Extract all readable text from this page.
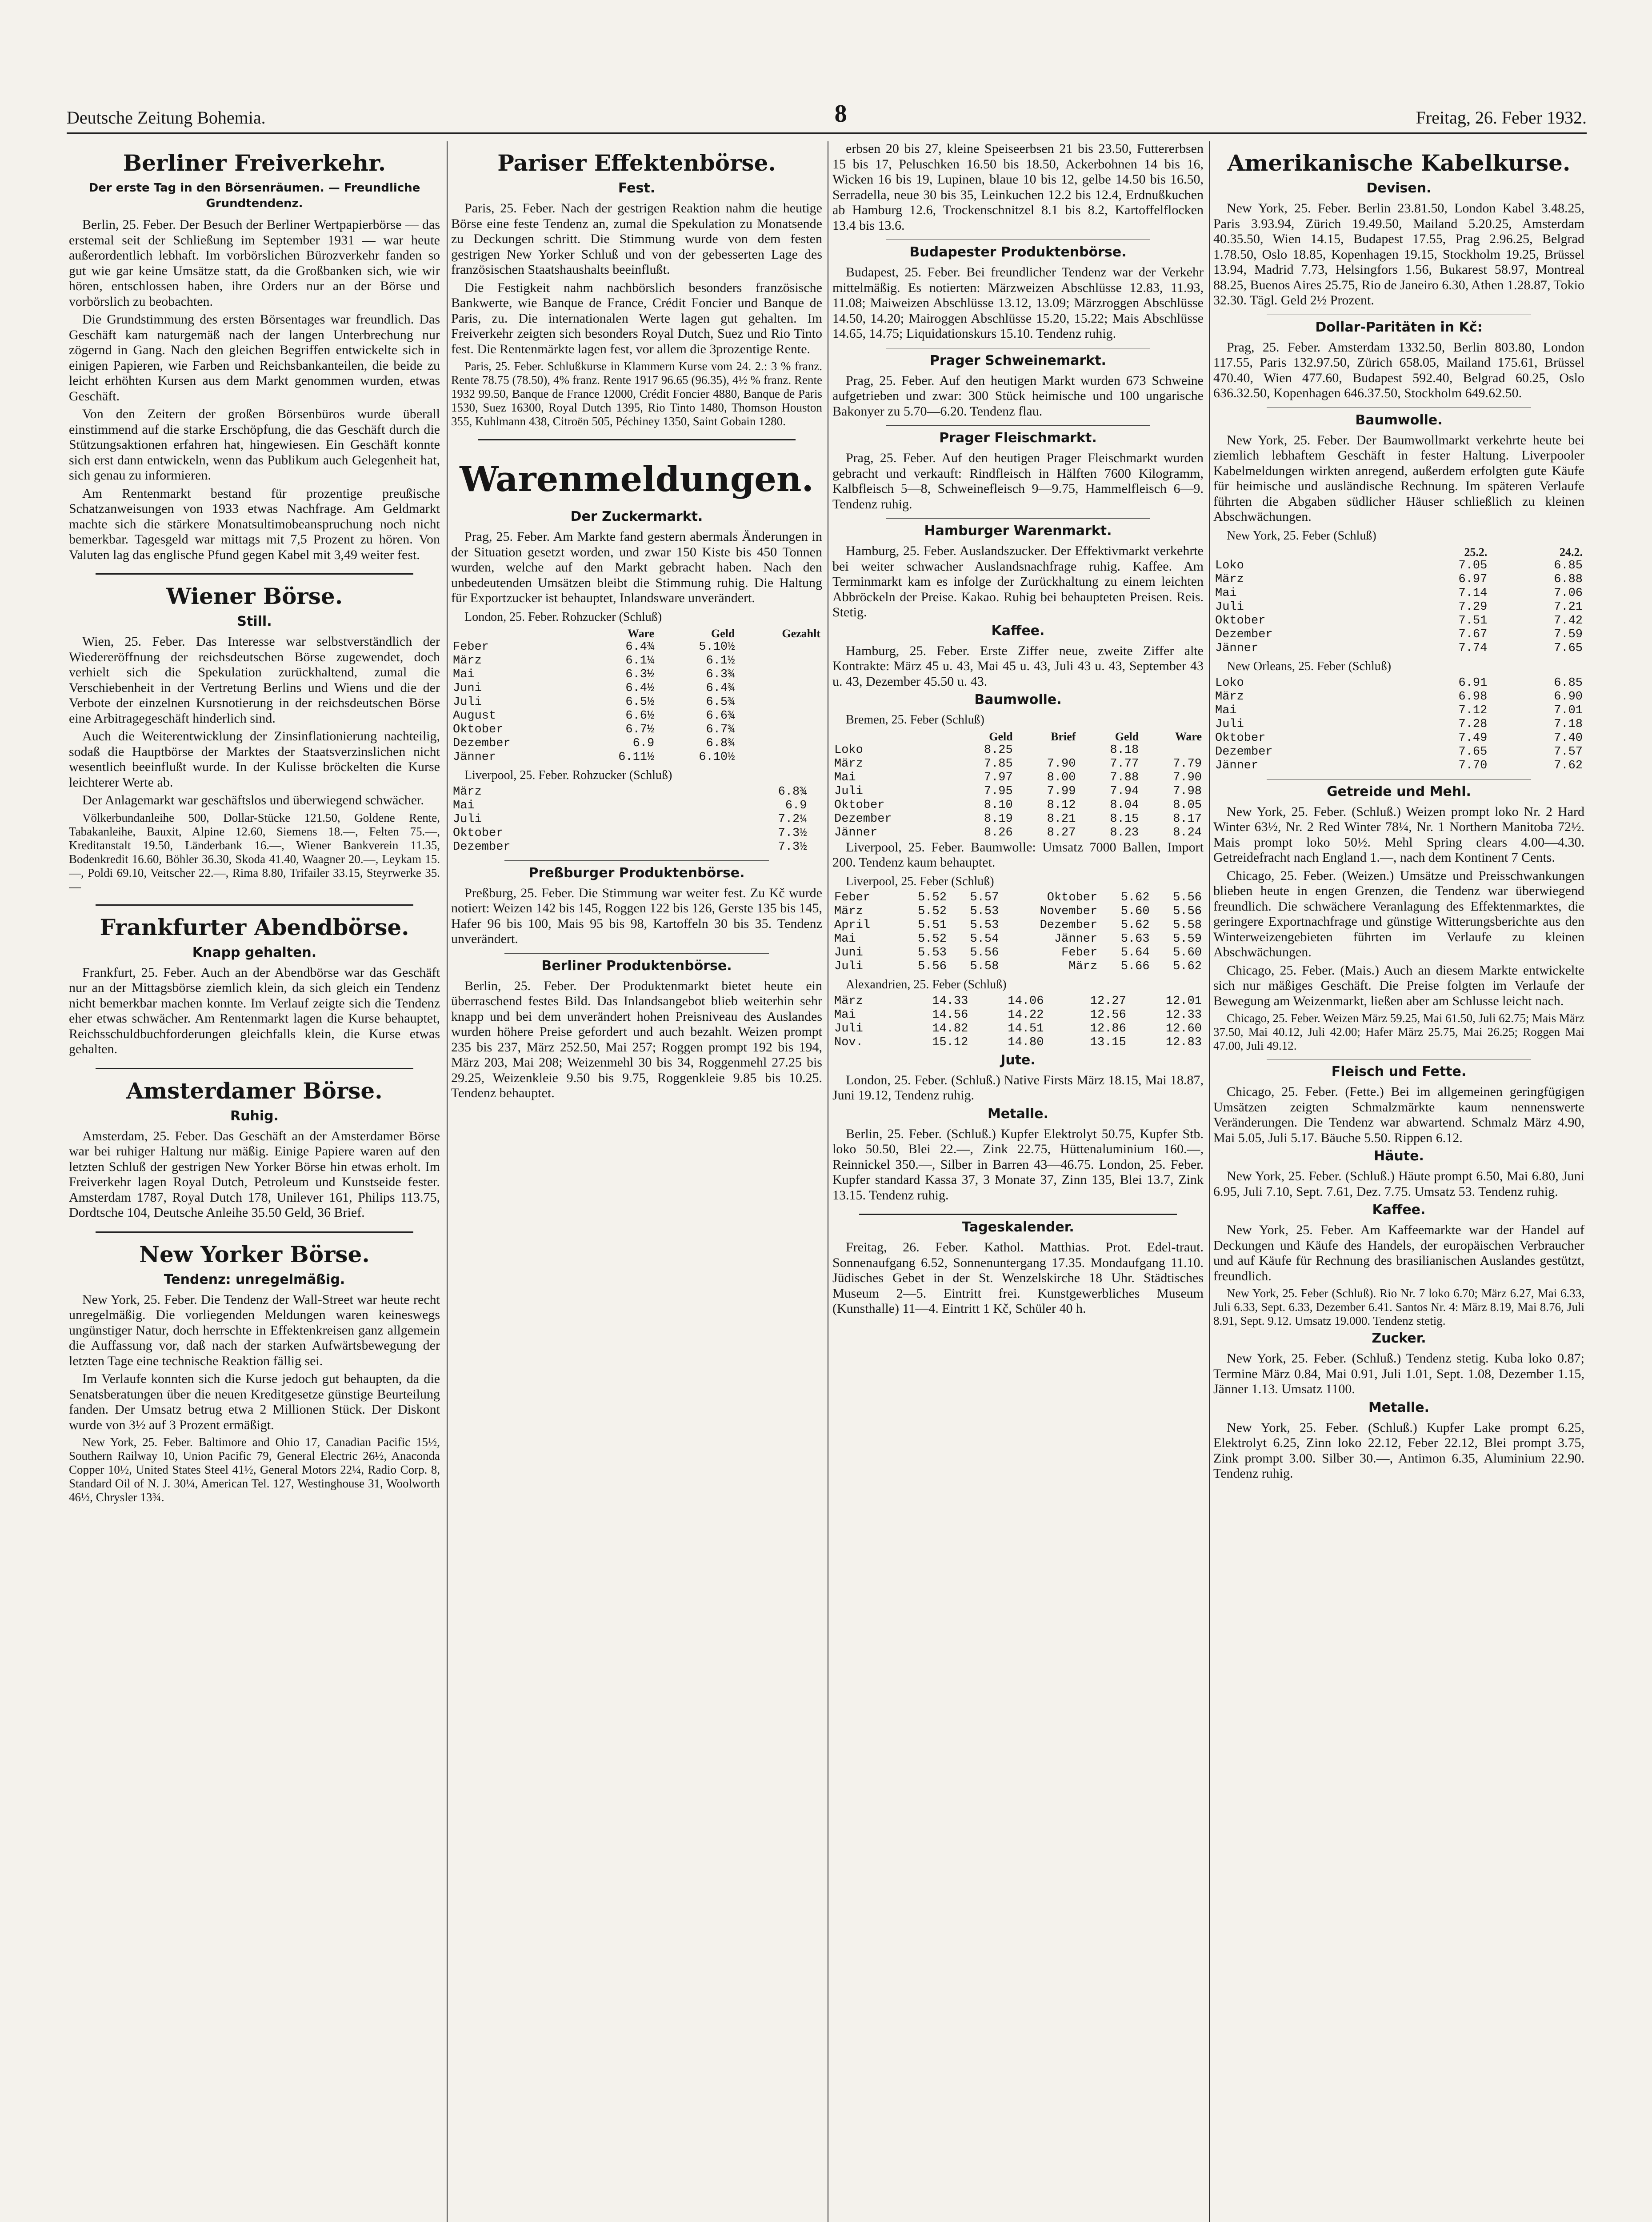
Deutsche Zeitung Bohemia.	8	Freitag, 26. Feber 1932.
Berliner Freiverkehr.
Der erste Tag in den Börsenräumen. — Freundliche Grundtendenz.

Berlin, 25. Feber. Der Besuch der Berliner Wertpapierbörse — das erstemal seit der Schließung im September 1931 — war heute außerordentlich lebhaft. Im vorbörslichen Bürozverkehr fanden so gut wie gar keine Umsätze statt, da die Großbanken sich, wie wir hören, entschlossen haben, ihre Orders nur an der Börse und vorbörslich zu beobachten.

Die Grundstimmung des ersten Börsentages war freundlich. Das Geschäft kam naturgemäß nach der langen Unterbrechung nur zögernd in Gang. Nach den gleichen Begriffen entwickelte sich in einigen Papieren, wie Farben und Reichsbankanteilen, die beide zu leicht erhöhten Kursen aus dem Markt genommen wurden, etwas Geschäft.

Von den Zeitern der großen Börsenbüros wurde überall einstimmend auf die starke Erschöpfung, die das Geschäft durch die Stützungsaktionen erfahren hat, hingewiesen. Ein Geschäft konnte sich erst dann entwickeln, wenn das Publikum auch Gelegenheit hat, sich genau zu informieren.

Am Rentenmarkt bestand für prozentige preußische Schatzanweisungen von 1933 etwas Nachfrage. Am Geldmarkt machte sich die stärkere Monatsultimobeanspruchung noch nicht bemerkbar. Tagesgeld war mittags mit 7,5 Prozent zu hören. Von Valuten lag das englische Pfund gegen Kabel mit 3,49 weiter fest.

Wiener Börse.
Still.

Wien, 25. Feber. Das Interesse war selbstverständlich der Wiedereröffnung der reichsdeutschen Börse zugewendet, doch verhielt sich die Spekulation zurückhaltend, zumal die Verschiebenheit in der Vertretung Berlins und Wiens und die der Verbote der einzelnen Kursnotierung in der reichsdeutschen Börse eine Arbitragegeschäft hinderlich sind.

Auch die Weiterentwicklung der Zinsinflationierung nachteilig, sodaß die Hauptbörse der Marktes der Staatsverzinslichen nicht wesentlich beeinflußt wurde. In der Kulisse bröckelten die Kurse leichterer Werte ab.

Der Anlagemarkt war geschäftslos und überwiegend schwächer.

Völkerbundanleihe 500, Dollar-Stücke 121.50, Goldene Rente, Tabakanleihe, Bauxit, Alpine 12.60, Siemens 18.—, Felten 75.—, Kreditanstalt 19.50, Länderbank 16.—, Wiener Bankverein 11.35, Bodenkredit 16.60, Böhler 36.30, Skoda 41.40, Waagner 20.—, Leykam 15.—, Poldi 69.10, Veitscher 22.—, Rima 8.80, Trifailer 33.15, Steyrwerke 35.—

Frankfurter Abendbörse.
Knapp gehalten.

Frankfurt, 25. Feber. Auch an der Abendbörse war das Geschäft nur an der Mittagsbörse ziemlich klein, da sich gleich ein Tendenz nicht bemerkbar machen konnte. Im Verlauf zeigte sich die Tendenz eher etwas schwächer. Am Rentenmarkt lagen die Kurse behauptet, Reichsschuldbuchforderungen gleichfalls klein, die Kurse etwas gehalten.

Amsterdamer Börse.
Ruhig.

Amsterdam, 25. Feber. Das Geschäft an der Amsterdamer Börse war bei ruhiger Haltung nur mäßig. Einige Papiere waren auf den letzten Schluß der gestrigen New Yorker Börse hin etwas erholt. Im Freiverkehr lagen Royal Dutch, Petroleum und Kunstseide fester. Amsterdam 1787, Royal Dutch 178, Unilever 161, Philips 113.75, Dordtsche 104, Deutsche Anleihe 35.50 Geld, 36 Brief.

New Yorker Börse.
Tendenz: unregelmäßig.

New York, 25. Feber. Die Tendenz der Wall-Street war heute recht unregelmäßig. Die vorliegenden Meldungen waren keineswegs ungünstiger Natur, doch herrschte in Effektenkreisen ganz allgemein die Auffassung vor, daß nach der starken Aufwärtsbewegung der letzten Tage eine technische Reaktion fällig sei.

Im Verlaufe konnten sich die Kurse jedoch gut behaupten, da die Senatsberatungen über die neuen Kreditgesetze günstige Beurteilung fanden. Der Umsatz betrug etwa 2 Millionen Stück. Der Diskont wurde von 3½ auf 3 Prozent ermäßigt.

New York, 25. Feber. Baltimore and Ohio 17, Canadian Pacific 15½, Southern Railway 10, Union Pacific 79, General Electric 26½, Anaconda Copper 10½, United States Steel 41½, General Motors 22¼, Radio Corp. 8, Standard Oil of N. J. 30¼, American Tel. 127, Westinghouse 31, Woolworth 46½, Chrysler 13¾.

Pariser Effektenbörse.
Fest.

Paris, 25. Feber. Nach der gestrigen Reaktion nahm die heutige Börse eine feste Tendenz an, zumal die Spekulation zu Monatsende zu Deckungen schritt. Die Stimmung wurde von dem festen gestrigen New Yorker Schluß und von der gebesserten Lage des französischen Staatshaushalts beeinflußt.

Die Festigkeit nahm nachbörslich besonders französische Bankwerte, wie Banque de France, Crédit Foncier und Banque de Paris, zu. Die internationalen Werte lagen gut gehalten. Im Freiverkehr zeigten sich besonders Royal Dutch, Suez und Rio Tinto fest. Die Rentenmärkte lagen fest, vor allem die 3prozentige Rente.

Paris, 25. Feber. Schlußkurse in Klammern Kurse vom 24. 2.: 3 % franz. Rente 78.75 (78.50), 4% franz. Rente 1917 96.65 (96.35), 4½ % franz. Rente 1932 99.50, Banque de France 12000, Crédit Foncier 4880, Banque de Paris 1530, Suez 16300, Royal Dutch 1395, Rio Tinto 1480, Thomson Houston 355, Kuhlmann 438, Citroën 505, Péchiney 1350, Saint Gobain 1280.

Warenmeldungen.
Der Zuckermarkt.

Prag, 25. Feber. Am Markte fand gestern abermals Änderungen in der Situation gesetzt worden, und zwar 150 Kiste bis 450 Tonnen wurden, welche auf den Markt gebracht haben. Nach den unbedeutenden Umsätzen bleibt die Stimmung ruhig. Die Haltung für Exportzucker ist behauptet, Inlandsware unverändert.

London, 25. Feber. Rohzucker (Schluß)
	Ware	Geld	Gezahlt
Feber	6.4¾	5.10½	
März	6.1¼	6.1½	
Mai	6.3½	6.3¾	
Juni	6.4½	6.4¾	
Juli	6.5½	6.5¾	
August	6.6½	6.6¾	
Oktober	6.7½	6.7¾	
Dezember	6.9	6.8¾	
Jänner	6.11½	6.10½	
Liverpool, 25. Feber. Rohzucker (Schluß)
März	6.8¾	
Mai	6.9	
Juli	7.2¼	
Oktober	7.3½	
Dezember	7.3½	
Preßburger Produktenbörse.

Preßburg, 25. Feber. Die Stimmung war weiter fest. Zu Kč wurde notiert: Weizen 142 bis 145, Roggen 122 bis 126, Gerste 135 bis 145, Hafer 96 bis 100, Mais 95 bis 98, Kartoffeln 30 bis 35. Tendenz unverändert.

Berliner Produktenbörse.

Berlin, 25. Feber. Der Produktenmarkt bietet heute ein überraschend festes Bild. Das Inlandsangebot blieb weiterhin sehr knapp und bei dem unverändert hohen Preisniveau des Auslandes wurden höhere Preise gefordert und auch bezahlt. Weizen prompt 235 bis 237, März 252.50, Mai 257; Roggen prompt 192 bis 194, März 203, Mai 208; Weizenmehl 30 bis 34, Roggenmehl 27.25 bis 29.25, Weizenkleie 9.50 bis 9.75, Roggenkleie 9.85 bis 10.25. Tendenz behauptet.

erbsen 20 bis 27, kleine Speiseerbsen 21 bis 23.50, Futtererbsen 15 bis 17, Peluschken 16.50 bis 18.50, Ackerbohnen 14 bis 16, Wicken 16 bis 19, Lupinen, blaue 10 bis 12, gelbe 14.50 bis 16.50, Serradella, neue 30 bis 35, Leinkuchen 12.2 bis 12.4, Erdnußkuchen ab Hamburg 12.6, Trockenschnitzel 8.1 bis 8.2, Kartoffelflocken 13.4 bis 13.6.

Budapester Produktenbörse.

Budapest, 25. Feber. Bei freundlicher Tendenz war der Verkehr mittelmäßig. Es notierten: Märzweizen Abschlüsse 12.83, 11.93, 11.08; Maiweizen Abschlüsse 13.12, 13.09; Märzroggen Abschlüsse 14.50, 14.20; Mairoggen Abschlüsse 15.20, 15.22; Mais Abschlüsse 14.65, 14.75; Liquidationskurs 15.10. Tendenz ruhig.

Prager Schweinemarkt.

Prag, 25. Feber. Auf den heutigen Markt wurden 673 Schweine aufgetrieben und zwar: 300 Stück heimische und 100 ungarische Bakonyer zu 5.70—6.20. Tendenz flau.

Prager Fleischmarkt.

Prag, 25. Feber. Auf den heutigen Prager Fleischmarkt wurden gebracht und verkauft: Rindfleisch in Hälften 7600 Kilogramm, Kalbfleisch 5—8, Schweinefleisch 9—9.75, Hammelfleisch 6—9. Tendenz ruhig.

Hamburger Warenmarkt.

Hamburg, 25. Feber. Auslandszucker. Der Effektivmarkt verkehrte bei weiter schwacher Auslandsnachfrage ruhig. Kaffee. Am Terminmarkt kam es infolge der Zurückhaltung zu einem leichten Abbröckeln der Preise. Kakao. Ruhig bei behaupteten Preisen. Reis. Stetig.

Kaffee.

Hamburg, 25. Feber. Erste Ziffer neue, zweite Ziffer alte Kontrakte: März 45 u. 43, Mai 45 u. 43, Juli 43 u. 43, September 43 u. 43, Dezember 45.50 u. 43.

Baumwolle.
Bremen, 25. Feber (Schluß)
	Geld	Brief	Geld	Ware
Loko	8.25		8.18	
März	7.85	7.90	7.77	7.79
Mai	7.97	8.00	7.88	7.90
Juli	7.95	7.99	7.94	7.98
Oktober	8.10	8.12	8.04	8.05
Dezember	8.19	8.21	8.15	8.17
Jänner	8.26	8.27	8.23	8.24

Liverpool, 25. Feber. Baumwolle: Umsatz 7000 Ballen, Import 200. Tendenz kaum behauptet.

Liverpool, 25. Feber (Schluß)
Feber	5.52	5.57	Oktober	5.62	5.56
März	5.52	5.53	November	5.60	5.56
April	5.51	5.53	Dezember	5.62	5.58
Mai	5.52	5.54	Jänner	5.63	5.59
Juni	5.53	5.56	Feber	5.64	5.60
Juli	5.56	5.58	März	5.66	5.62
Alexandrien, 25. Feber (Schluß)
März	14.33	14.06		12.27	12.01
Mai	14.56	14.22		12.56	12.33
Juli	14.82	14.51		12.86	12.60
Nov.	15.12	14.80		13.15	12.83
Jute.

London, 25. Feber. (Schluß.) Native Firsts März 18.15, Mai 18.87, Juni 19.12, Tendenz ruhig.

Metalle.

Berlin, 25. Feber. (Schluß.) Kupfer Elektrolyt 50.75, Kupfer Stb. loko 50.50, Blei 22.—, Zink 22.75, Hüttenaluminium 160.—, Reinnickel 350.—, Silber in Barren 43—46.75. London, 25. Feber. Kupfer standard Kassa 37, 3 Monate 37, Zinn 135, Blei 13.7, Zink 13.15. Tendenz ruhig.

Tageskalender.

Freitag, 26. Feber. Kathol. Matthias. Prot. Edel-traut. Sonnenaufgang 6.52, Sonnenuntergang 17.35. Mondaufgang 11.10. Jüdisches Gebet in der St. Wenzelskirche 18 Uhr. Städtisches Museum 2—5. Eintritt frei. Kunstgewerbliches Museum (Kunsthalle) 11—4. Eintritt 1 Kč, Schüler 40 h.

Amerikanische Kabelkurse.
Devisen.

New York, 25. Feber. Berlin 23.81.50, London Kabel 3.48.25, Paris 3.93.94, Zürich 19.49.50, Mailand 5.20.25, Amsterdam 40.35.50, Wien 14.15, Budapest 17.55, Prag 2.96.25, Belgrad 1.78.50, Oslo 18.85, Kopenhagen 19.15, Stockholm 19.25, Brüssel 13.94, Madrid 7.73, Helsingfors 1.56, Bukarest 58.97, Montreal 88.25, Buenos Aires 25.75, Rio de Janeiro 6.30, Athen 1.28.87, Tokio 32.30. Tägl. Geld 2½ Prozent.

Dollar-Paritäten in Kč:

Prag, 25. Feber. Amsterdam 1332.50, Berlin 803.80, London 117.55, Paris 132.97.50, Zürich 658.05, Mailand 175.61, Brüssel 470.40, Wien 477.60, Budapest 592.40, Belgrad 60.25, Oslo 636.32.50, Kopenhagen 646.37.50, Stockholm 649.62.50.

Baumwolle.

New York, 25. Feber. Der Baumwollmarkt verkehrte heute bei ziemlich lebhaftem Geschäft in fester Haltung. Liverpooler Kabelmeldungen wirkten anregend, außerdem erfolgten gute Käufe für heimische und ausländische Rechnung. Im späteren Verlaufe führten die Abgaben südlicher Häuser schließlich zu kleinen Abschwächungen.

New York, 25. Feber (Schluß)
	25.2.	24.2.
Loko	7.05	6.85
März	6.97	6.88
Mai	7.14	7.06
Juli	7.29	7.21
Oktober	7.51	7.42
Dezember	7.67	7.59
Jänner	7.74	7.65
New Orleans, 25. Feber (Schluß)
Loko	6.91	6.85
März	6.98	6.90
Mai	7.12	7.01
Juli	7.28	7.18
Oktober	7.49	7.40
Dezember	7.65	7.57
Jänner	7.70	7.62
Getreide und Mehl.

New York, 25. Feber. (Schluß.) Weizen prompt loko Nr. 2 Hard Winter 63½, Nr. 2 Red Winter 78¼, Nr. 1 Northern Manitoba 72½. Mais prompt loko 50½. Mehl Spring clears 4.00—4.30. Getreidefracht nach England 1.—, nach dem Kontinent 7 Cents.

Chicago, 25. Feber. (Weizen.) Umsätze und Preisschwankungen blieben heute in engen Grenzen, die Tendenz war überwiegend freundlich. Die schwächere Veranlagung des Effektenmarktes, die geringere Exportnachfrage und günstige Witterungsberichte aus den Winterweizengebieten führten im Verlaufe zu kleinen Abschwächungen.

Chicago, 25. Feber. (Mais.) Auch an diesem Markte entwickelte sich nur mäßiges Geschäft. Die Preise folgten im Verlaufe der Bewegung am Weizenmarkt, ließen aber am Schlusse leicht nach.

Chicago, 25. Feber. Weizen März 59.25, Mai 61.50, Juli 62.75; Mais März 37.50, Mai 40.12, Juli 42.00; Hafer März 25.75, Mai 26.25; Roggen Mai 47.00, Juli 49.12.

Fleisch und Fette.

Chicago, 25. Feber. (Fette.) Bei im allgemeinen geringfügigen Umsätzen zeigten Schmalzmärkte kaum nennenswerte Veränderungen. Die Tendenz war abwartend. Schmalz März 4.90, Mai 5.05, Juli 5.17. Bäuche 5.50. Rippen 6.12.

Häute.

New York, 25. Feber. (Schluß.) Häute prompt 6.50, Mai 6.80, Juni 6.95, Juli 7.10, Sept. 7.61, Dez. 7.75. Umsatz 53. Tendenz ruhig.

Kaffee.

New York, 25. Feber. Am Kaffeemarkte war der Handel auf Deckungen und Käufe des Handels, der europäischen Verbraucher und auf Käufe für Rechnung des brasilianischen Auslandes gestützt, freundlich.

New York, 25. Feber (Schluß). Rio Nr. 7 loko 6.70; März 6.27, Mai 6.33, Juli 6.33, Sept. 6.33, Dezember 6.41. Santos Nr. 4: März 8.19, Mai 8.76, Juli 8.91, Sept. 9.12. Umsatz 19.000. Tendenz stetig.

Zucker.

New York, 25. Feber. (Schluß.) Tendenz stetig. Kuba loko 0.87; Termine März 0.84, Mai 0.91, Juli 1.01, Sept. 1.08, Dezember 1.15, Jänner 1.13. Umsatz 1100.

Metalle.

New York, 25. Feber. (Schluß.) Kupfer Lake prompt 6.25, Elektrolyt 6.25, Zinn loko 22.12, Feber 22.12, Blei prompt 3.75, Zink prompt 3.00. Silber 30.—, Antimon 6.35, Aluminium 22.90. Tendenz ruhig.
